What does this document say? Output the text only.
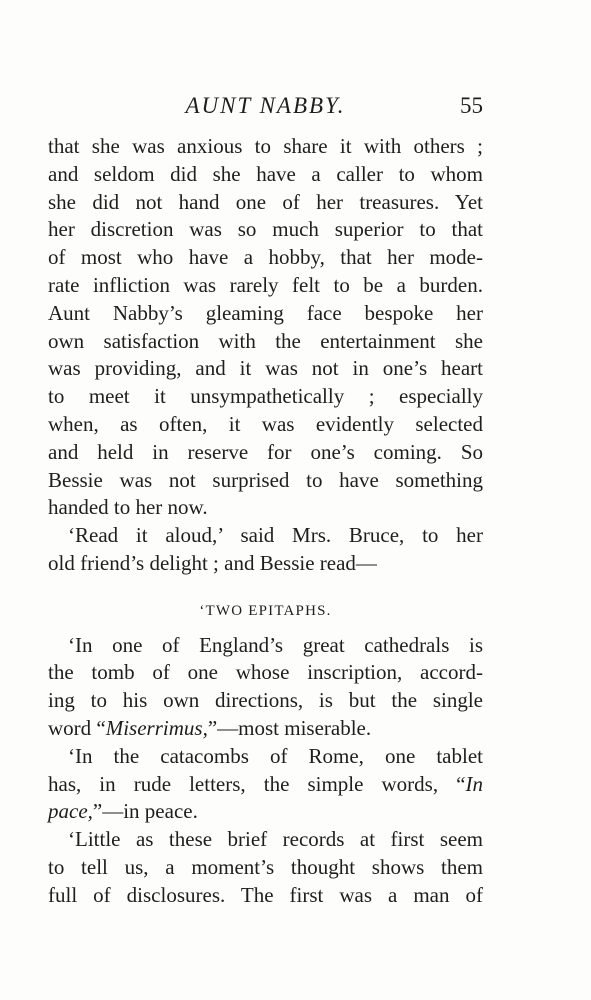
AUNT NABBY.	55
that she was anxious to share it with others ;
and seldom did she have a caller to whom
she did not hand one of her treasures. Yet
her discretion was so much superior to that
of most who have a hobby, that her mode-
rate infliction was rarely felt to be a burden.
Aunt Nabby’s gleaming face bespoke her
own satisfaction with the entertainment she
was providing, and it was not in one’s heart
to meet it unsympathetically ; especially
when, as often, it was evidently selected
and held in reserve for one’s coming. So
Bessie was not surprised to have something
handed to her now.
‘Read it aloud,’ said Mrs. Bruce, to her
old friend’s delight ; and Bessie read—
‘TWO EPITAPHS.
‘In one of England’s great cathedrals is
the tomb of one whose inscription, accord-
ing to his own directions, is but the single
word “Miserrimus,”—most miserable.
‘In the catacombs of Rome, one tablet
has, in rude letters, the simple words, “In
pace,”—in peace.
‘Little as these brief records at first seem
to tell us, a moment’s thought shows them
full of disclosures. The first was a man of
